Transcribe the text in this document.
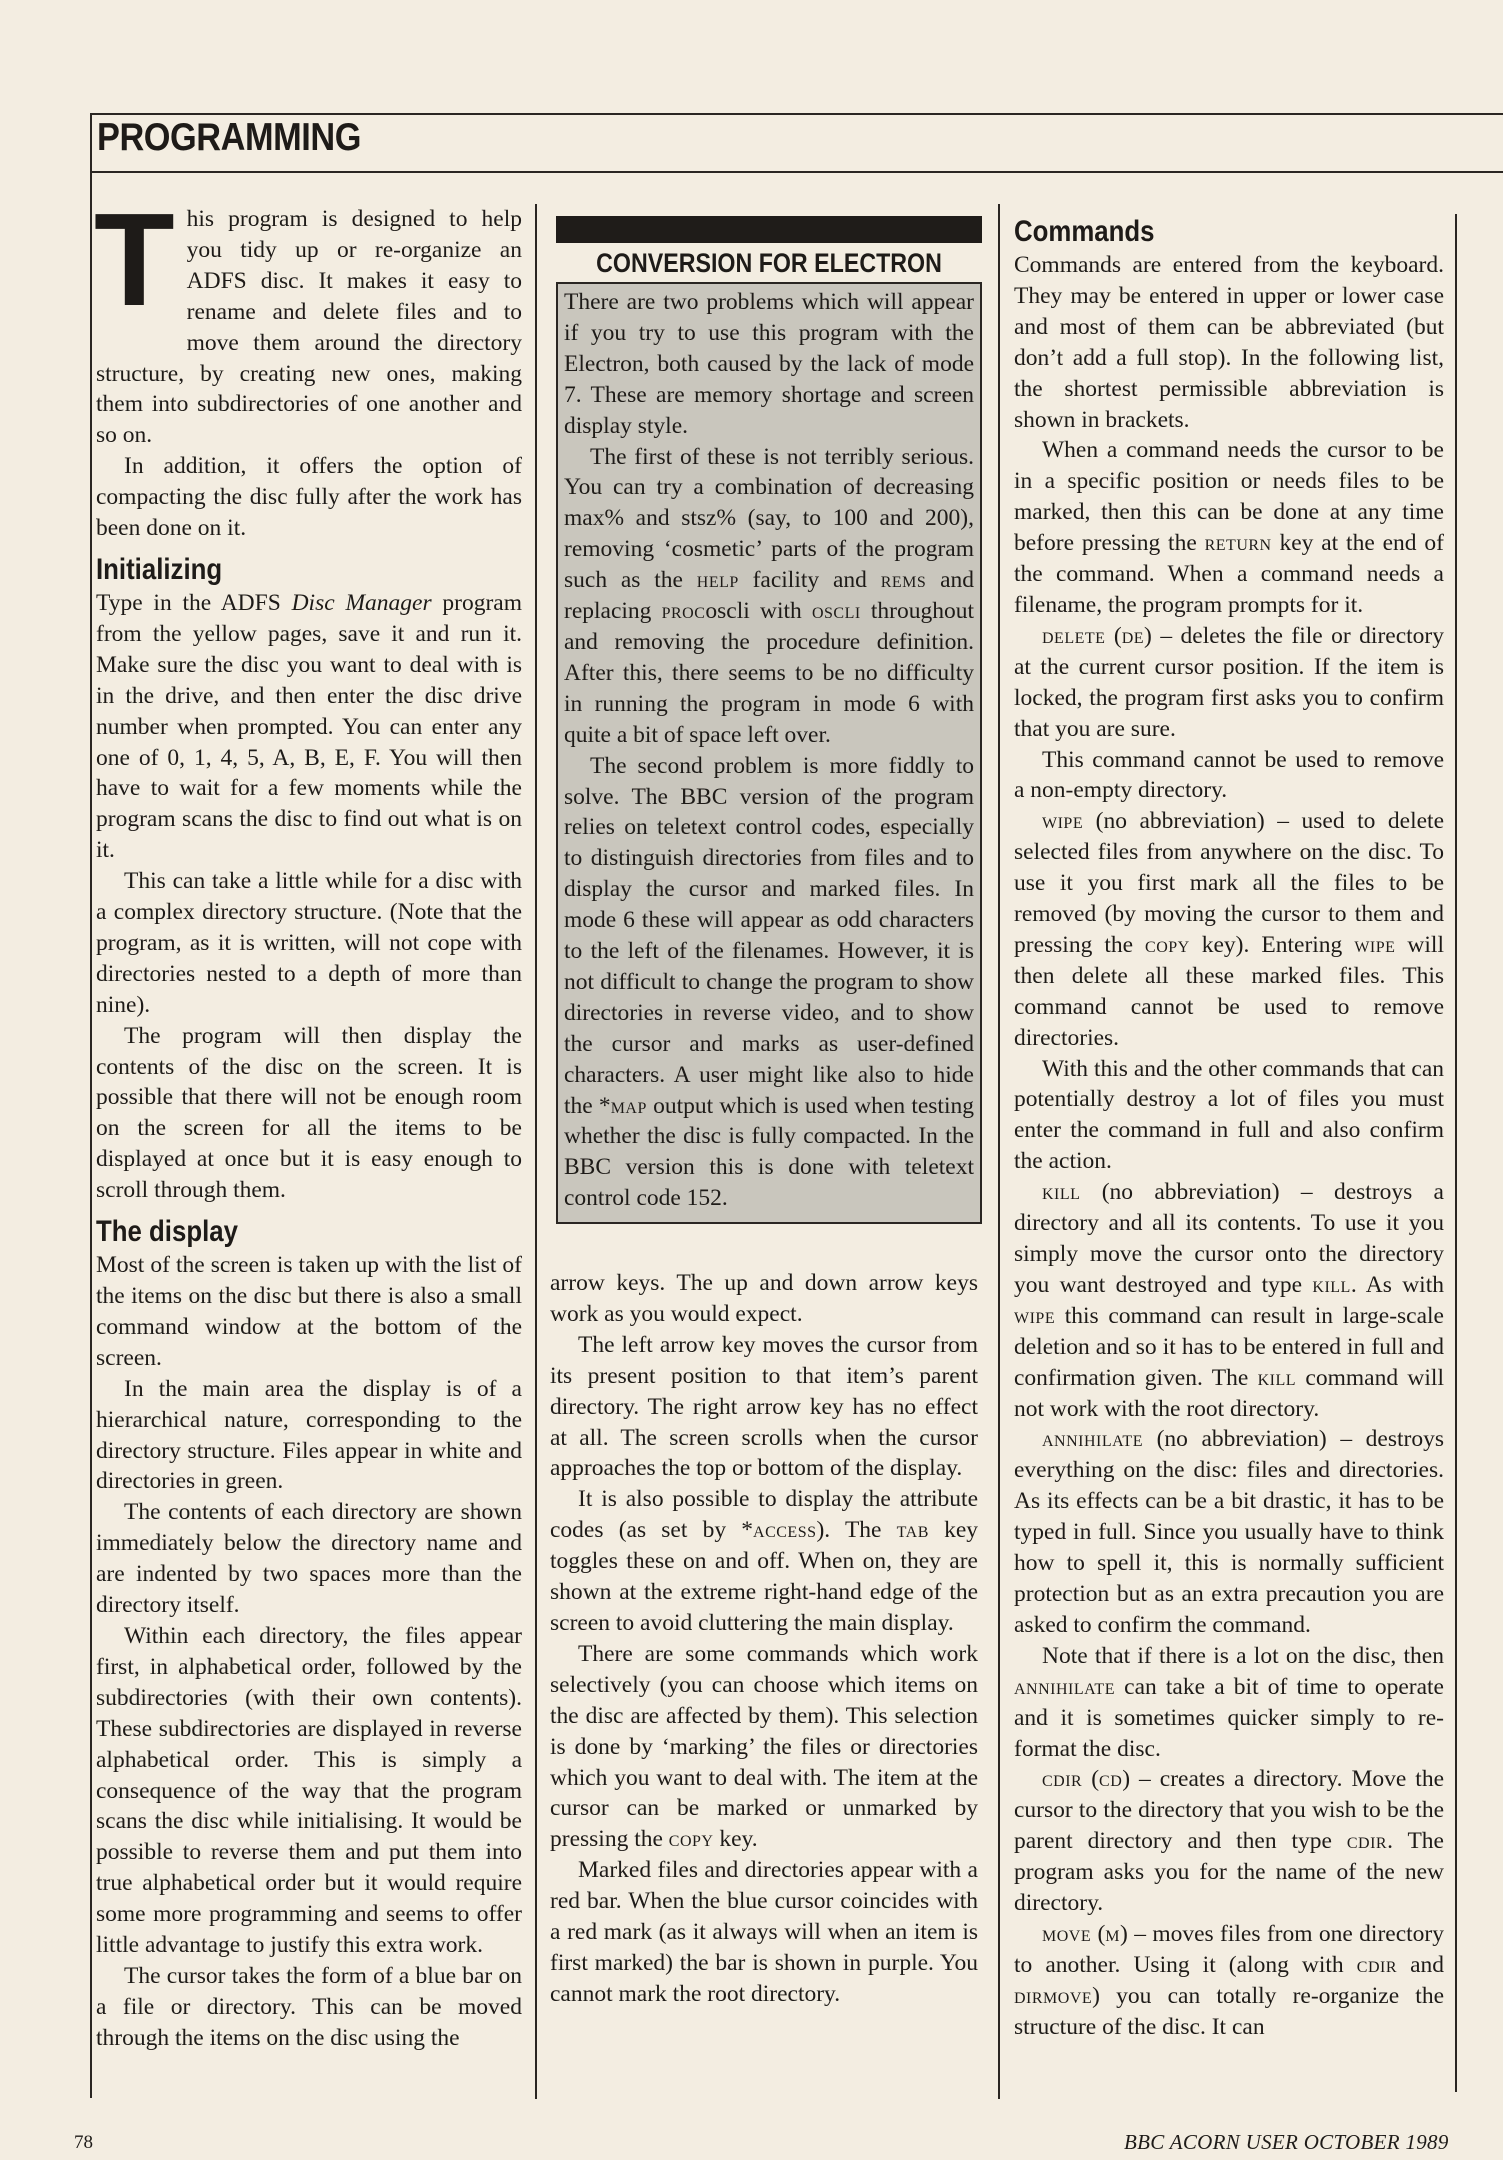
PROGRAMMING

This program is designed to help you tidy up or re-organize an ADFS disc. It makes it easy to rename and delete files and to move them around the directory structure, by creating new ones, making them into subdirectories of one another and so on.

In addition, it offers the option of compacting the disc fully after the work has been done on it.

Initializing

Type in the ADFS Disc Manager program from the yellow pages, save it and run it. Make sure the disc you want to deal with is in the drive, and then enter the disc drive number when prompted. You can enter any one of 0, 1, 4, 5, A, B, E, F. You will then have to wait for a few moments while the program scans the disc to find out what is on it.

This can take a little while for a disc with a complex directory structure. (Note that the program, as it is written, will not cope with directories nested to a depth of more than nine).

The program will then display the contents of the disc on the screen. It is possible that there will not be enough room on the screen for all the items to be displayed at once but it is easy enough to scroll through them.

The display

Most of the screen is taken up with the list of the items on the disc but there is also a small command window at the bottom of the screen.

In the main area the display is of a hierarchical nature, corresponding to the directory structure. Files appear in white and directories in green.

The contents of each directory are shown immediately below the directory name and are indented by two spaces more than the directory itself.

Within each directory, the files appear first, in alphabetical order, followed by the subdirectories (with their own contents). These subdirectories are displayed in reverse alphabetical order. This is simply a consequence of the way that the program scans the disc while initialising. It would be possible to reverse them and put them into true alphabetical order but it would require some more programming and seems to offer little advantage to justify this extra work.

The cursor takes the form of a blue bar on a file or directory. This can be moved through the items on the disc using the

CONVERSION FOR ELECTRON

There are two problems which will appear if you try to use this program with the Electron, both caused by the lack of mode 7. These are memory shortage and screen display style.

The first of these is not terribly serious. You can try a combination of decreasing max% and stsz% (say, to 100 and 200), removing ‘cosmetic’ parts of the program such as the help facility and rems and replacing procoscli with oscli throughout and removing the procedure definition. After this, there seems to be no difficulty in running the program in mode 6 with quite a bit of space left over.

The second problem is more fiddly to solve. The BBC version of the program relies on teletext control codes, especially to distinguish directories from files and to display the cursor and marked files. In mode 6 these will appear as odd characters to the left of the filenames. However, it is not difficult to change the program to show directories in reverse video, and to show the cursor and marks as user-defined characters. A user might like also to hide the *map output which is used when testing whether the disc is fully compacted. In the BBC version this is done with teletext control code 152.

arrow keys. The up and down arrow keys work as you would expect.

The left arrow key moves the cursor from its present position to that item’s parent directory. The right arrow key has no effect at all. The screen scrolls when the cursor approaches the top or bottom of the display.

It is also possible to display the attribute codes (as set by *access). The tab key toggles these on and off. When on, they are shown at the extreme right-hand edge of the screen to avoid cluttering the main display.

There are some commands which work selectively (you can choose which items on the disc are affected by them). This selection is done by ‘marking’ the files or directories which you want to deal with. The item at the cursor can be marked or unmarked by pressing the copy key.

Marked files and directories appear with a red bar. When the blue cursor coincides with a red mark (as it always will when an item is first marked) the bar is shown in purple. You cannot mark the root directory.

Commands

Commands are entered from the keyboard. They may be entered in upper or lower case and most of them can be abbreviated (but don’t add a full stop). In the following list, the shortest permissible abbreviation is shown in brackets.

When a command needs the cursor to be in a specific position or needs files to be marked, then this can be done at any time before pressing the return key at the end of the command. When a command needs a filename, the program prompts for it.

delete (de) – deletes the file or directory at the current cursor position. If the item is locked, the program first asks you to confirm that you are sure.

This command cannot be used to remove a non-empty directory.

wipe (no abbreviation) – used to delete selected files from anywhere on the disc. To use it you first mark all the files to be removed (by moving the cursor to them and pressing the copy key). Entering wipe will then delete all these marked files. This command cannot be used to remove directories.

With this and the other commands that can potentially destroy a lot of files you must enter the command in full and also confirm the action.

kill (no abbreviation) – destroys a directory and all its contents. To use it you simply move the cursor onto the directory you want destroyed and type kill. As with wipe this command can result in large-scale deletion and so it has to be entered in full and confirmation given. The kill command will not work with the root directory.

annihilate (no abbreviation) – destroys everything on the disc: files and directories. As its effects can be a bit drastic, it has to be typed in full. Since you usually have to think how to spell it, this is normally sufficient protection but as an extra precaution you are asked to confirm the command.

Note that if there is a lot on the disc, then annihilate can take a bit of time to operate and it is sometimes quicker simply to re-format the disc.

cdir (cd) – creates a directory. Move the cursor to the directory that you wish to be the parent directory and then type cdir. The program asks you for the name of the new directory.

move (m) – moves files from one directory to another. Using it (along with cdir and dirmove) you can totally re-organize the structure of the disc. It can

78	BBC ACORN USER OCTOBER 1989
